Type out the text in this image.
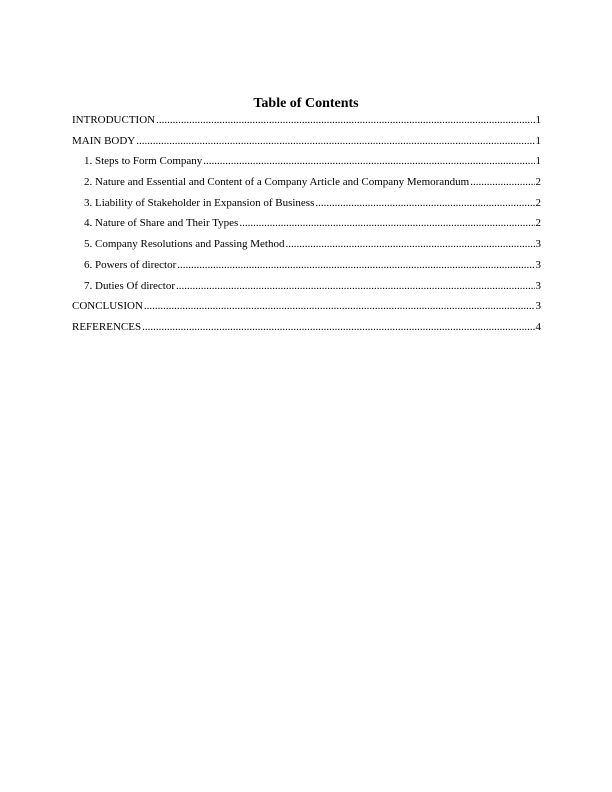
Table of Contents
INTRODUCTION .....	1
MAIN BODY .....	1
1. Steps to Form Company .....	1
2. Nature and Essential and Content of a Company Article and Company Memorandum .....	2
3. Liability of Stakeholder in Expansion of Business .....	2
4. Nature of Share and Their Types .....	2
5. Company Resolutions and Passing Method .....	3
6. Powers of director .....	3
7. Duties Of director .....	3
CONCLUSION .....	3
REFERENCES .....	4
